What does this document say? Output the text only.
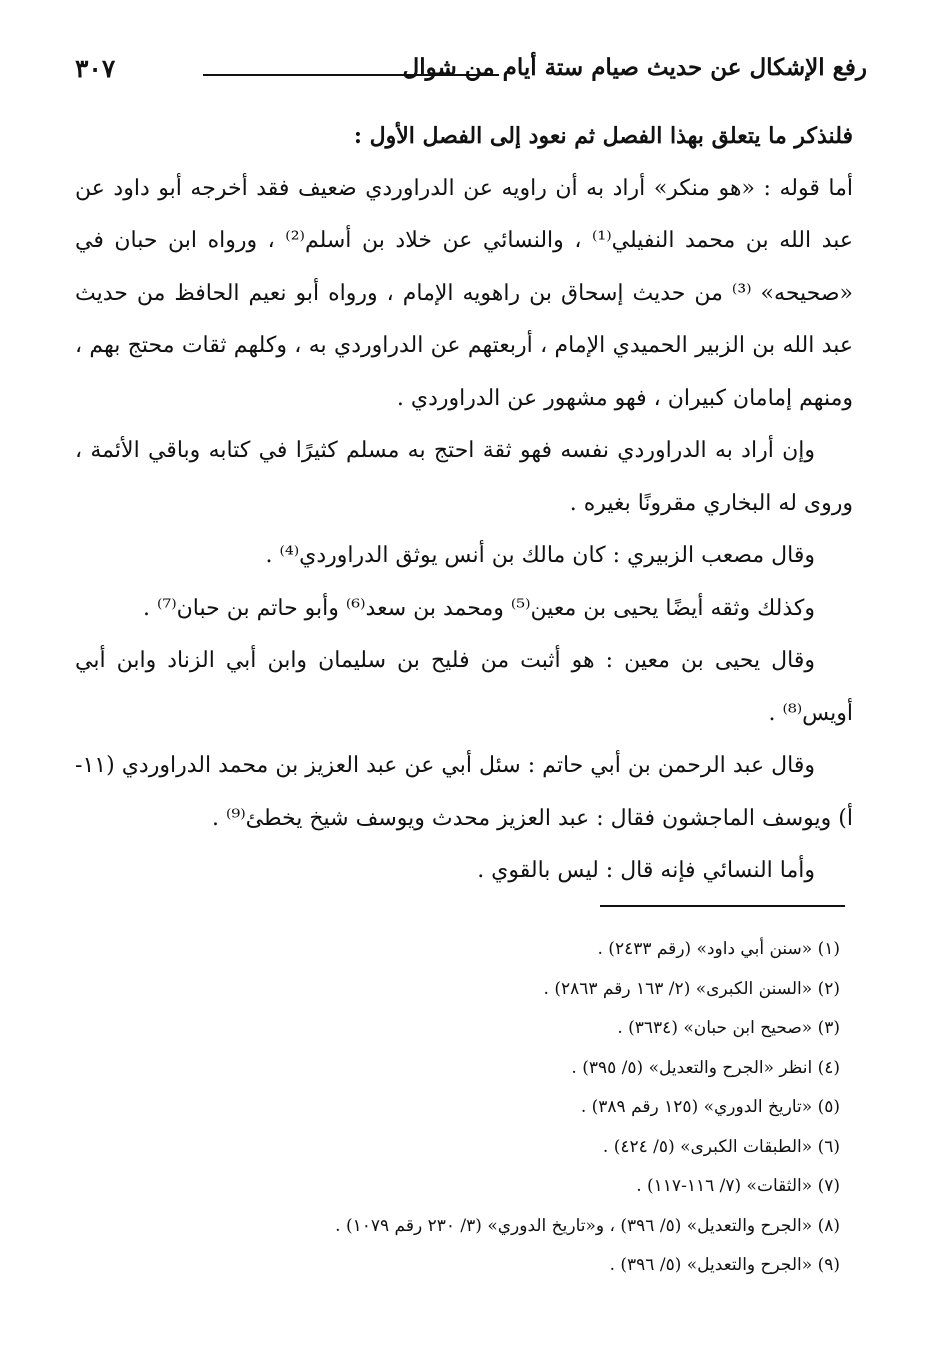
رفع الإشكال عن حديث صيام ستة أيام من شوال
٣٠٧

فلنذكر ما يتعلق بهذا الفصل ثم نعود إلى الفصل الأول :

أما قوله : «هو منكر» أراد به أن راويه عن الدراوردي ضعيف فقد أخرجه أبو داود عن عبد الله بن محمد النفيلي⁽¹⁾ ، والنسائي عن خلاد بن أسلم⁽²⁾ ، ورواه ابن حبان في «صحيحه» ⁽³⁾ من حديث إسحاق بن راهويه الإمام ، ورواه أبو نعيم الحافظ من حديث عبد الله بن الزبير الحميدي الإمام ، أربعتهم عن الدراوردي به ، وكلهم ثقات محتج بهم ، ومنهم إمامان كبيران ، فهو مشهور عن الدراوردي .

وإن أراد به الدراوردي نفسه فهو ثقة احتج به مسلم كثيرًا في كتابه وباقي الأئمة ، وروى له البخاري مقرونًا بغيره .

وقال مصعب الزبيري : كان مالك بن أنس يوثق الدراوردي⁽⁴⁾ .

وكذلك وثقه أيضًا يحيى بن معين⁽⁵⁾ ومحمد بن سعد⁽⁶⁾ وأبو حاتم بن حبان⁽⁷⁾ .

وقال يحيى بن معين : هو أثبت من فليح بن سليمان وابن أبي الزناد وابن أبي أويس⁽⁸⁾ .

وقال عبد الرحمن بن أبي حاتم : سئل أبي عن عبد العزيز بن محمد الدراوردي (١١-أ) ويوسف الماجشون فقال : عبد العزيز محدث ويوسف شيخ يخطئ⁽⁹⁾ .

وأما النسائي فإنه قال : ليس بالقوي .

(١) «سنن أبي داود» (رقم ٢٤٣٣) .

(٢) «السنن الكبرى» (٢/ ١٦٣ رقم ٢٨٦٣) .

(٣) «صحيح ابن حبان» (٣٦٣٤) .

(٤) انظر «الجرح والتعديل» (٥/ ٣٩٥) .

(٥) «تاريخ الدوري» (١٢٥ رقم ٣٨٩) .

(٦) «الطبقات الكبرى» (٥/ ٤٢٤) .

(٧) «الثقات» (٧/ ١١٦-١١٧) .

(٨) «الجرح والتعديل» (٥/ ٣٩٦) ، و«تاريخ الدوري» (٣/ ٢٣٠ رقم ١٠٧٩) .

(٩) «الجرح والتعديل» (٥/ ٣٩٦) .
